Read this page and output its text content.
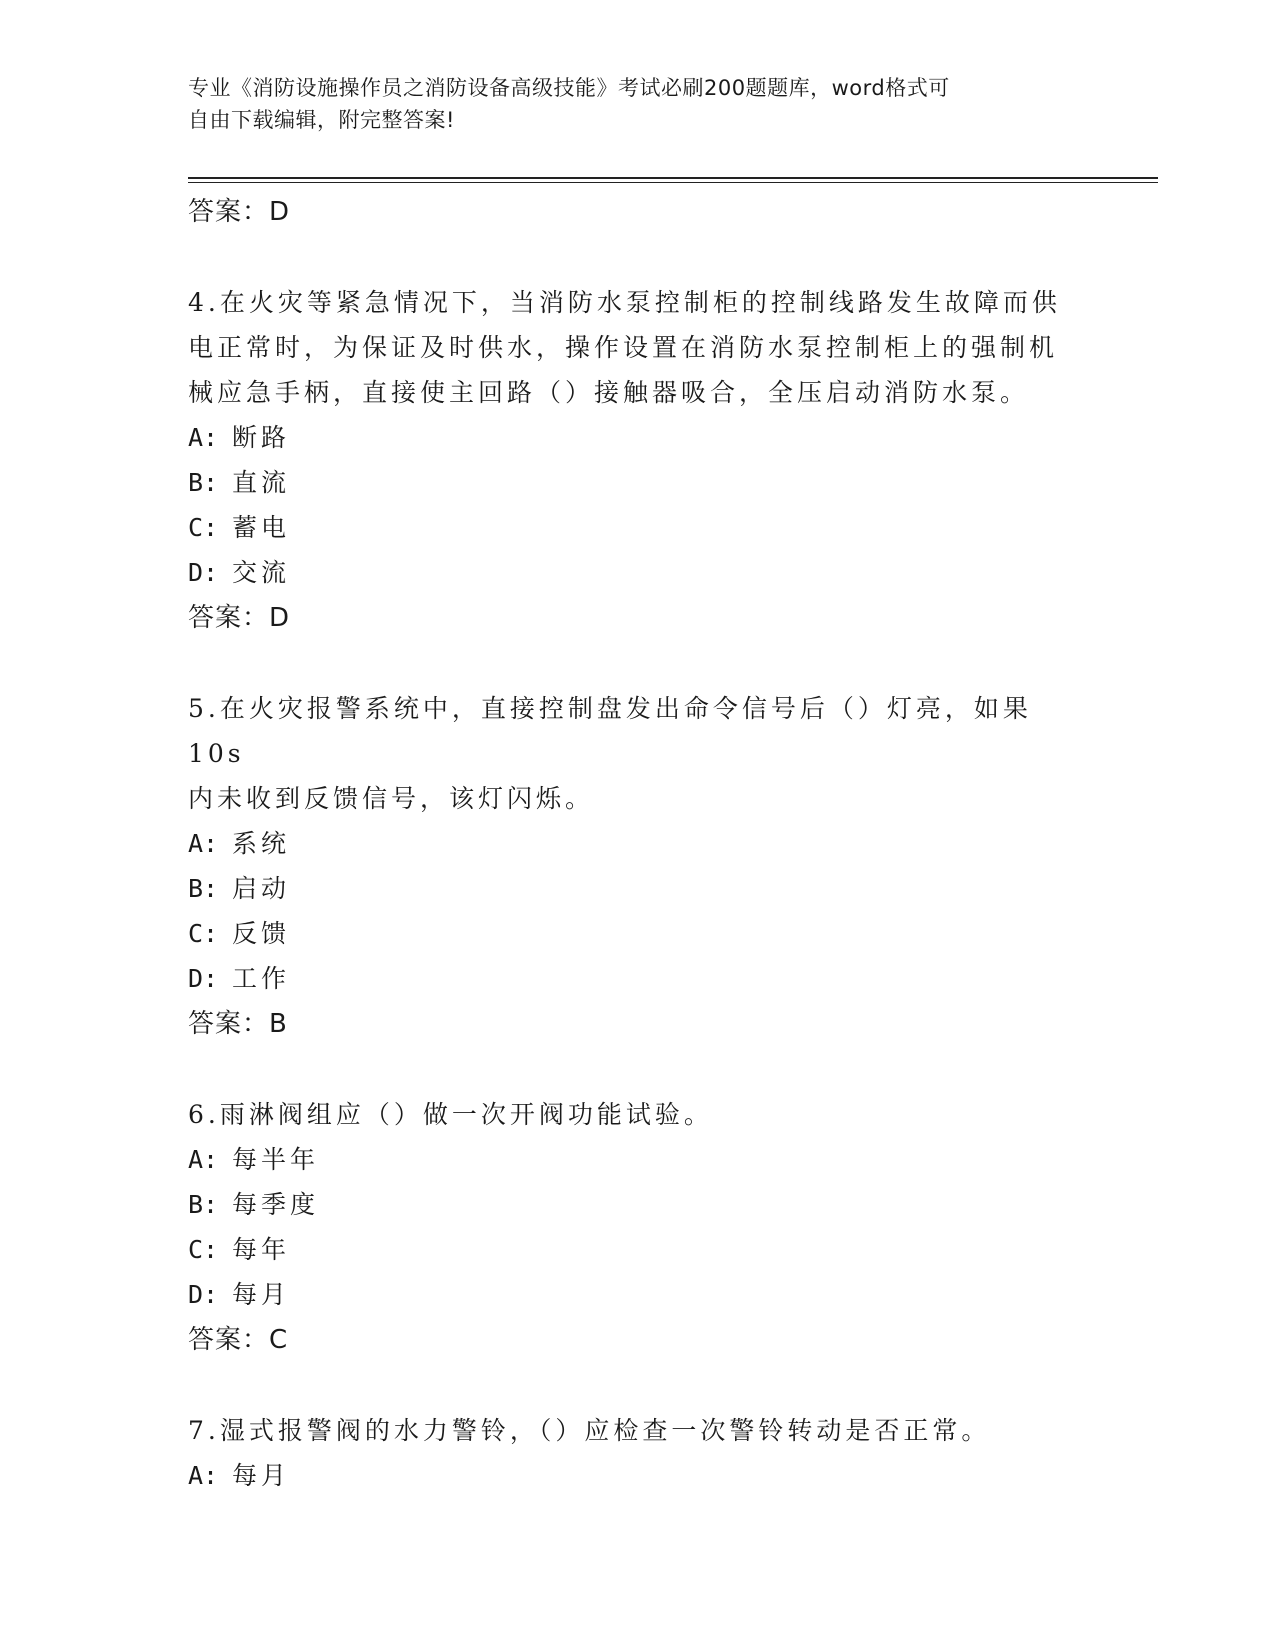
专业《消防设施操作员之消防设备高级技能》考试必刷200题题库，word格式可
自由下载编辑，附完整答案!
答案：D
4.在火灾等紧急情况下，当消防水泵控制柜的控制线路发生故障而供
电正常时，为保证及时供水，操作设置在消防水泵控制柜上的强制机
械应急手柄，直接使主回路（）接触器吸合，全压启动消防水泵。
A: 断路
B: 直流
C: 蓄电
D: 交流
答案：D
5.在火灾报警系统中，直接控制盘发出命令信号后（）灯亮，如果10s
内未收到反馈信号，该灯闪烁。
A: 系统
B: 启动
C: 反馈
D: 工作
答案：B
6.雨淋阀组应（）做一次开阀功能试验。
A: 每半年
B: 每季度
C: 每年
D: 每月
答案：C
7.湿式报警阀的水力警铃，（）应检查一次警铃转动是否正常。
A: 每月
